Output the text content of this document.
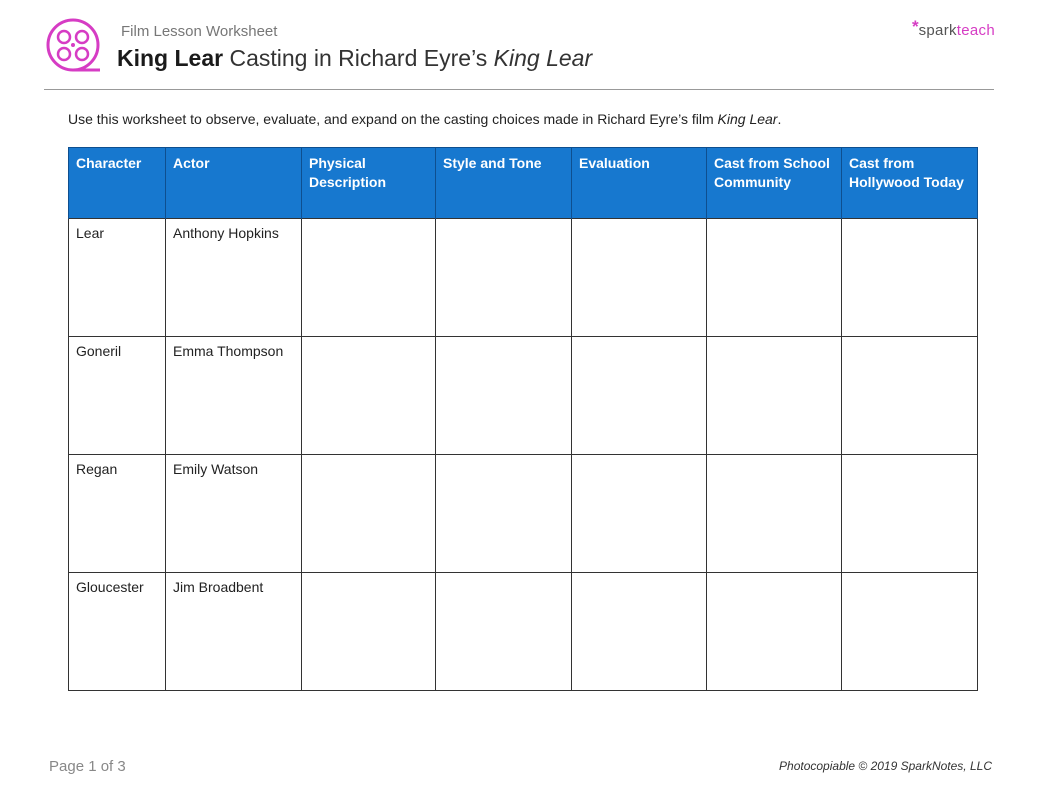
Film Lesson Worksheet
King Lear Casting in Richard Eyre’s King Lear
*sparkteach
Use this worksheet to observe, evaluate, and expand on the casting choices made in Richard Eyre’s film King Lear.
Character	Actor	Physical Description	Style and Tone	Evaluation	Cast from School Community	Cast from Hollywood Today
Lear	Anthony Hopkins					
Goneril	Emma Thompson					
Regan	Emily Watson					
Gloucester	Jim Broadbent					
Page 1 of 3	Photocopiable © 2019 SparkNotes, LLC
